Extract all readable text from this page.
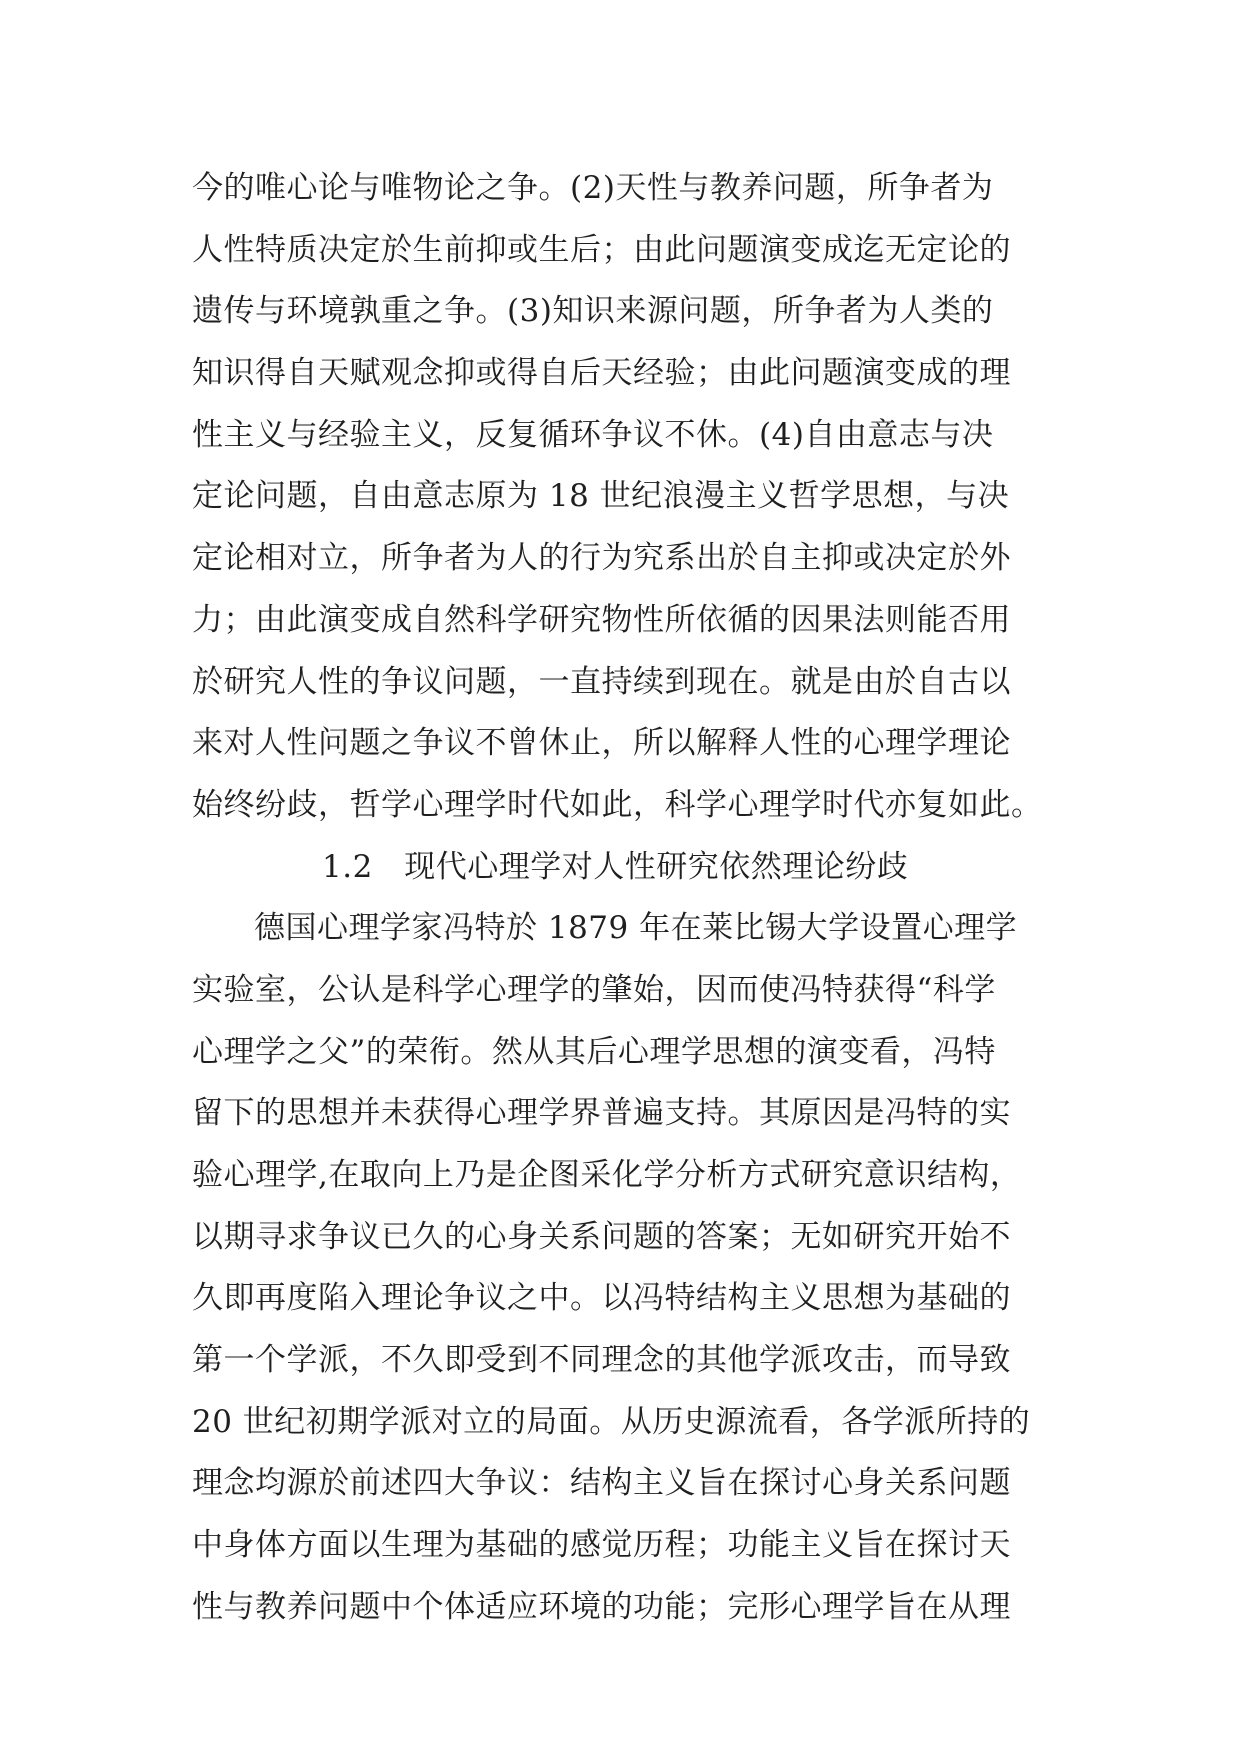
今的唯心论与唯物论之争。(2)天性与教养问题，所争者为
人性特质决定於生前抑或生后；由此问题演变成迄无定论的
遗传与环境孰重之争。(3)知识来源问题，所争者为人类的
知识得自天赋观念抑或得自后天经验；由此问题演变成的理
性主义与经验主义，反复循环争议不休。(4)自由意志与决
定论问题，自由意志原为 18 世纪浪漫主义哲学思想，与决
定论相对立，所争者为人的行为究系出於自主抑或决定於外
力；由此演变成自然科学研究物性所依循的因果法则能否用
於研究人性的争议问题，一直持续到现在。就是由於自古以
来对人性问题之争议不曾休止，所以解释人性的心理学理论
始终纷歧，哲学心理学时代如此，科学心理学时代亦复如此。
1.2　现代心理学对人性研究依然理论纷歧
德国心理学家冯特於 1879 年在莱比锡大学设置心理学
实验室，公认是科学心理学的肇始，因而使冯特获得“科学
心理学之父”的荣衔。然从其后心理学思想的演变看，冯特
留下的思想并未获得心理学界普遍支持。其原因是冯特的实
验心理学,在取向上乃是企图采化学分析方式研究意识结构，
以期寻求争议已久的心身关系问题的答案；无如研究开始不
久即再度陷入理论争议之中。以冯特结构主义思想为基础的
第一个学派，不久即受到不同理念的其他学派攻击，而导致
20 世纪初期学派对立的局面。从历史源流看，各学派所持的
理念均源於前述四大争议：结构主义旨在探讨心身关系问题
中身体方面以生理为基础的感觉历程；功能主义旨在探讨天
性与教养问题中个体适应环境的功能；完形心理学旨在从理
